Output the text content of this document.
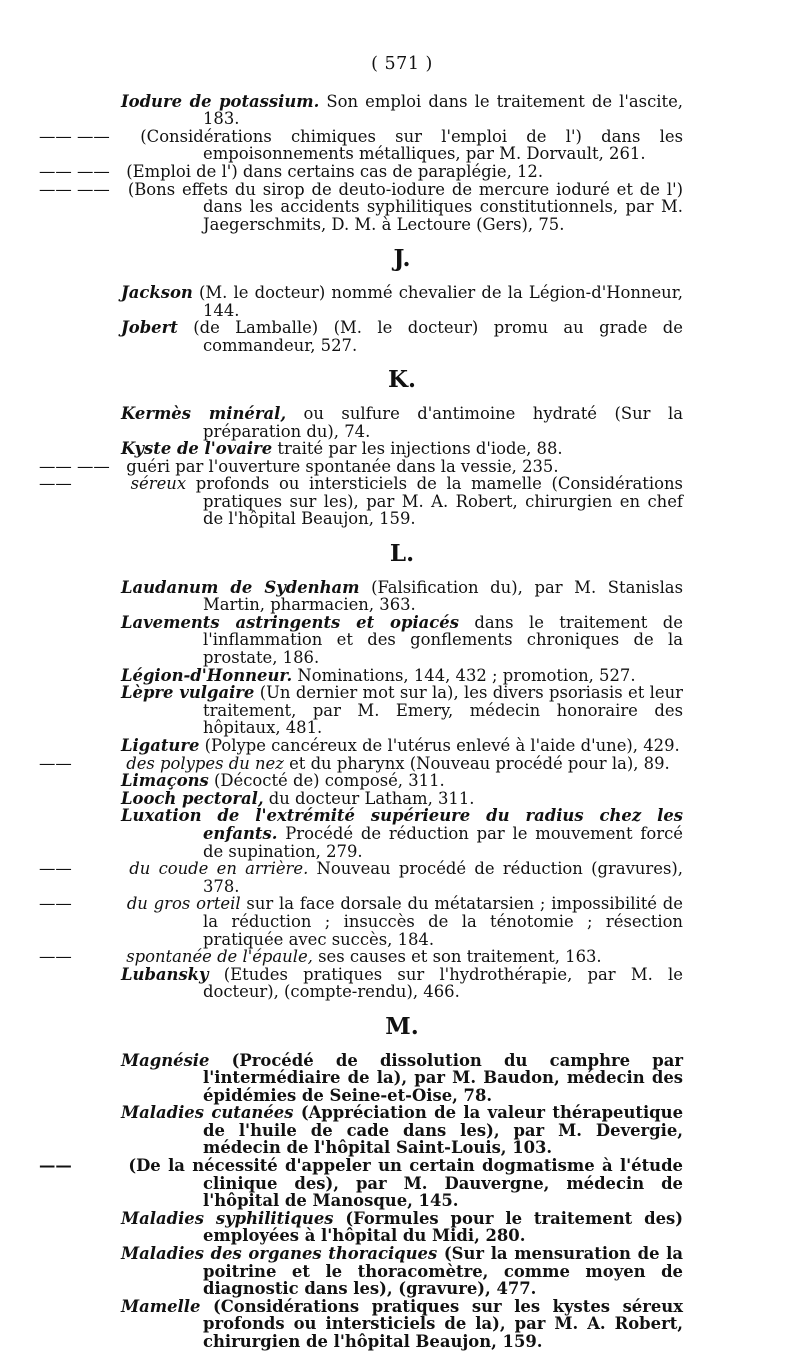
( 571 )

Iodure de potassium. Son emploi dans le traitement de l'ascite, 183.

—— —— (Considérations chimiques sur l'emploi de l') dans les empoisonnements métalliques, par M. Dorvault, 261.

—— —— (Emploi de l') dans certains cas de paraplégie, 12.

—— —— (Bons effets du sirop de deuto-iodure de mercure ioduré et de l') dans les accidents syphilitiques constitutionnels, par M. Jaegerschmits, D. M. à Lectoure (Gers), 75.

J.

Jackson (M. le docteur) nommé chevalier de la Légion-d'Honneur, 144.

Jobert (de Lamballe) (M. le docteur) promu au grade de commandeur, 527.

K.

Kermès minéral, ou sulfure d'antimoine hydraté (Sur la préparation du), 74.

Kyste de l'ovaire traité par les injections d'iode, 88.

—— —— guéri par l'ouverture spontanée dans la vessie, 235.

——	séreux profonds ou intersticiels de la mamelle (Considérations pratiques sur les), par M. A. Robert, chirurgien en chef de l'hôpital Beaujon, 159.

L.

Laudanum de Sydenham (Falsification du), par M. Stanislas Martin, pharmacien, 363.

Lavements astringents et opiacés dans le traitement de l'inflammation et des gonflements chroniques de la prostate, 186.

Légion-d'Honneur. Nominations, 144, 432 ; promotion, 527.

Lèpre vulgaire (Un dernier mot sur la), les divers psoriasis et leur traitement, par M. Emery, médecin honoraire des hôpitaux, 481.

Ligature (Polype cancéreux de l'utérus enlevé à l'aide d'une), 429.

——	des polypes du nez et du pharynx (Nouveau procédé pour la), 89.

Limaçons (Décocté de) composé, 311.

Looch pectoral, du docteur Latham, 311.

Luxation de l'extrémité supérieure du radius chez les enfants. Procédé de réduction par le mouvement forcé de supination, 279.

——	du coude en arrière. Nouveau procédé de réduction (gravures), 378.

——	du gros orteil sur la face dorsale du métatarsien ; impossibilité de la réduction ; insuccès de la ténotomie ; résection pratiquée avec succès, 184.

——	spontanée de l'épaule, ses causes et son traitement, 163.

Lubansky (Etudes pratiques sur l'hydrothérapie, par M. le docteur), (compte-rendu), 466.

M.

Magnésie (Procédé de dissolution du camphre par l'intermédiaire de la), par M. Baudon, médecin des épidémies de Seine-et-Oise, 78.

Maladies cutanées (Appréciation de la valeur thérapeutique de l'huile de cade dans les), par M. Devergie, médecin de l'hôpital Saint-Louis, 103.

——	(De la nécessité d'appeler un certain dogmatisme à l'étude clinique des), par M. Dauvergne, médecin de l'hôpital de Manosque, 145.

Maladies syphilitiques (Formules pour le traitement des) employées à l'hôpital du Midi, 280.

Maladies des organes thoraciques (Sur la mensuration de la poitrine et le thoracomètre, comme moyen de diagnostic dans les), (gravure), 477.

Mamelle (Considérations pratiques sur les kystes séreux profonds ou intersticiels de la), par M. A. Robert, chirurgien de l'hôpital Beaujon, 159.
